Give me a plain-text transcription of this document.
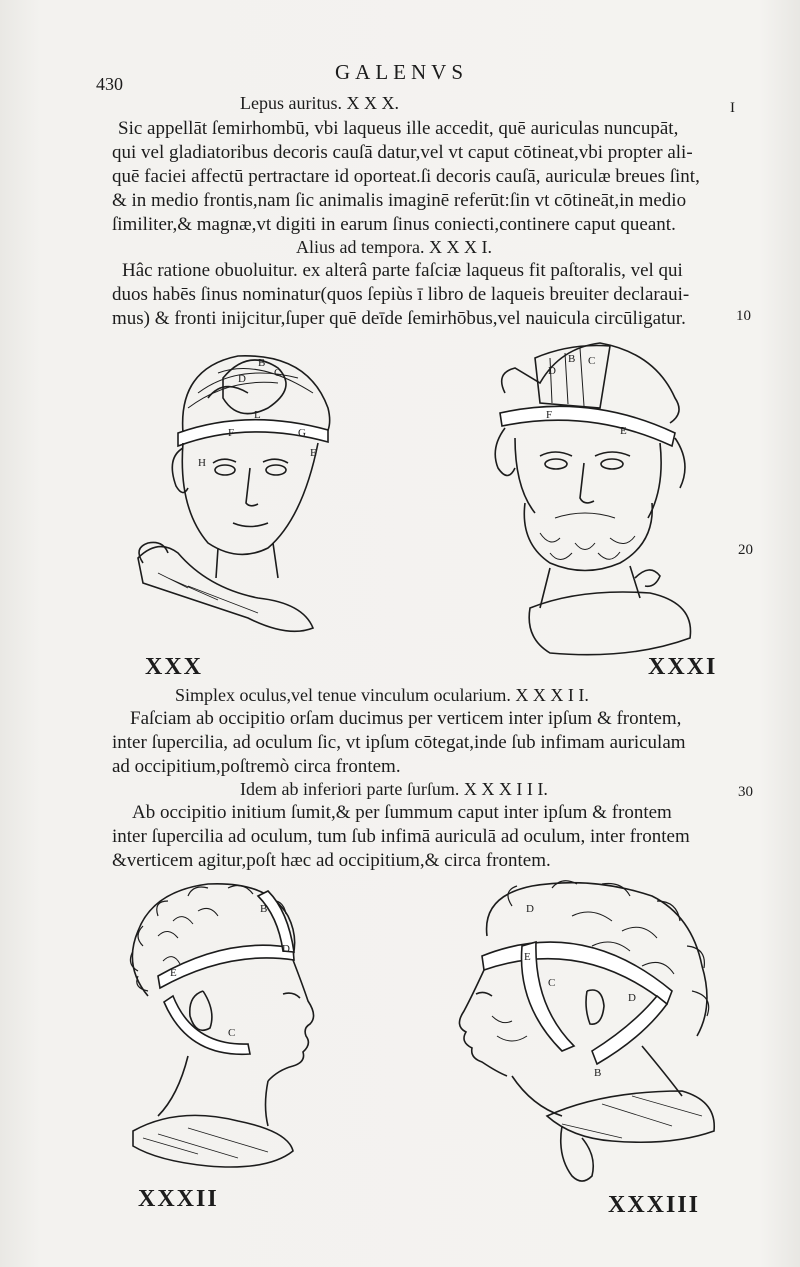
430	GALENVS
I
10
20
30
Lepus auritus. X X X.
Sic appellāt ſemirhombū, vbi laqueus ille accedit, quē auriculas nuncupāt,
qui vel gladiatoribus decoris cauſā datur,vel vt caput cōtineat,vbi propter ali-
quē faciei affectū pertractare id oporteat.ſi decoris cauſā, auriculæ breues ſint,
& in medio frontis,nam ſic animalis imaginē referūt:ſin vt cōtineāt,in medio
ſimiliter,& magnæ,vt digiti in earum ſinus coniecti,continere caput queant.
Alius ad tempora. X X X I.
Hâc ratione obuoluitur. ex alterâ parte faſciæ laqueus fit paſtoralis, vel qui
duos habēs ſinus nominatur(quos ſepiùs ī libro de laqueis breuiter declaraui-
mus) & fronti inijcitur,ſuper quē deīde ſemirhōbus,vel nauicula circūligatur.
B
C
D
L
F	G
E
H
XXX
B C
D
F
E
XXXI
Simplex oculus,vel tenue vinculum ocularium. X X X I I.
Faſciam ab occipitio orſam ducimus per verticem inter ipſum & frontem,
inter ſupercilia, ad oculum ſic, vt ipſum cōtegat,inde ſub infimam auriculam
ad occipitium,poſtremò circa frontem.
Idem ab inferiori parte ſurſum. X X X I I I.
Ab occipitio initium ſumit,& per ſummum caput inter ipſum & frontem
inter ſupercilia ad oculum, tum ſub infimā auriculā ad oculum, inter frontem
&verticem agitur,poſt hæc ad occipitium,& circa frontem.
B
D
E
C
XXXII
D
E
C
D
B
XXXIII
